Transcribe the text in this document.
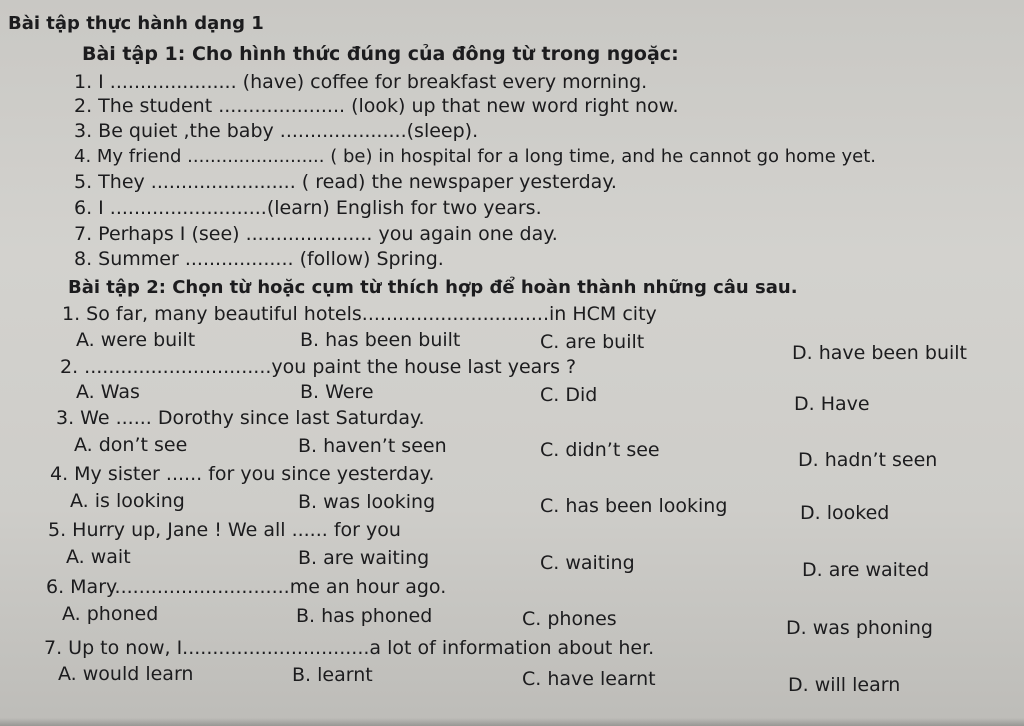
Bài tập thực hành dạng 1
Bài tập 1: Cho hình thức đúng của đông từ trong ngoặc:
1. I ..................... (have) coffee for breakfast every morning.
2. The student ..................... (look) up that new word right now.
3. Be quiet ,the baby .....................(sleep).
4. My friend ........................ ( be) in hospital for a long time, and he cannot go home yet.
5. They ........................ ( read) the newspaper yesterday.
6. I ..........................(learn) English for two years.
7. Perhaps I (see) ..................... you again one day.
8. Summer .................. (follow) Spring.
Bài tập 2: Chọn từ hoặc cụm từ thích hợp để hoàn thành những câu sau.
1. So far, many beautiful hotels...............................in HCM city
A. were built	B. has been built	C. are built	D. have been built
2. ...............................you paint the house last years ?
A. Was	B. Were	C. Did	D. Have
3. We ...... Dorothy since last Saturday.
A. don’t see	B. haven’t seen	C. didn’t see	D. hadn’t seen
4. My sister ...... for you since yesterday.
A. is looking	B. was looking	C. has been looking	D. looked
5. Hurry up, Jane ! We all ...... for you
A. wait	B. are waiting	C. waiting	D. are waited
6. Mary.............................me an hour ago.
A. phoned	B. has phoned	C. phones	D. was phoning
7. Up to now, I...............................a lot of information about her.
A. would learn	B. learnt	C. have learnt	D. will learn
